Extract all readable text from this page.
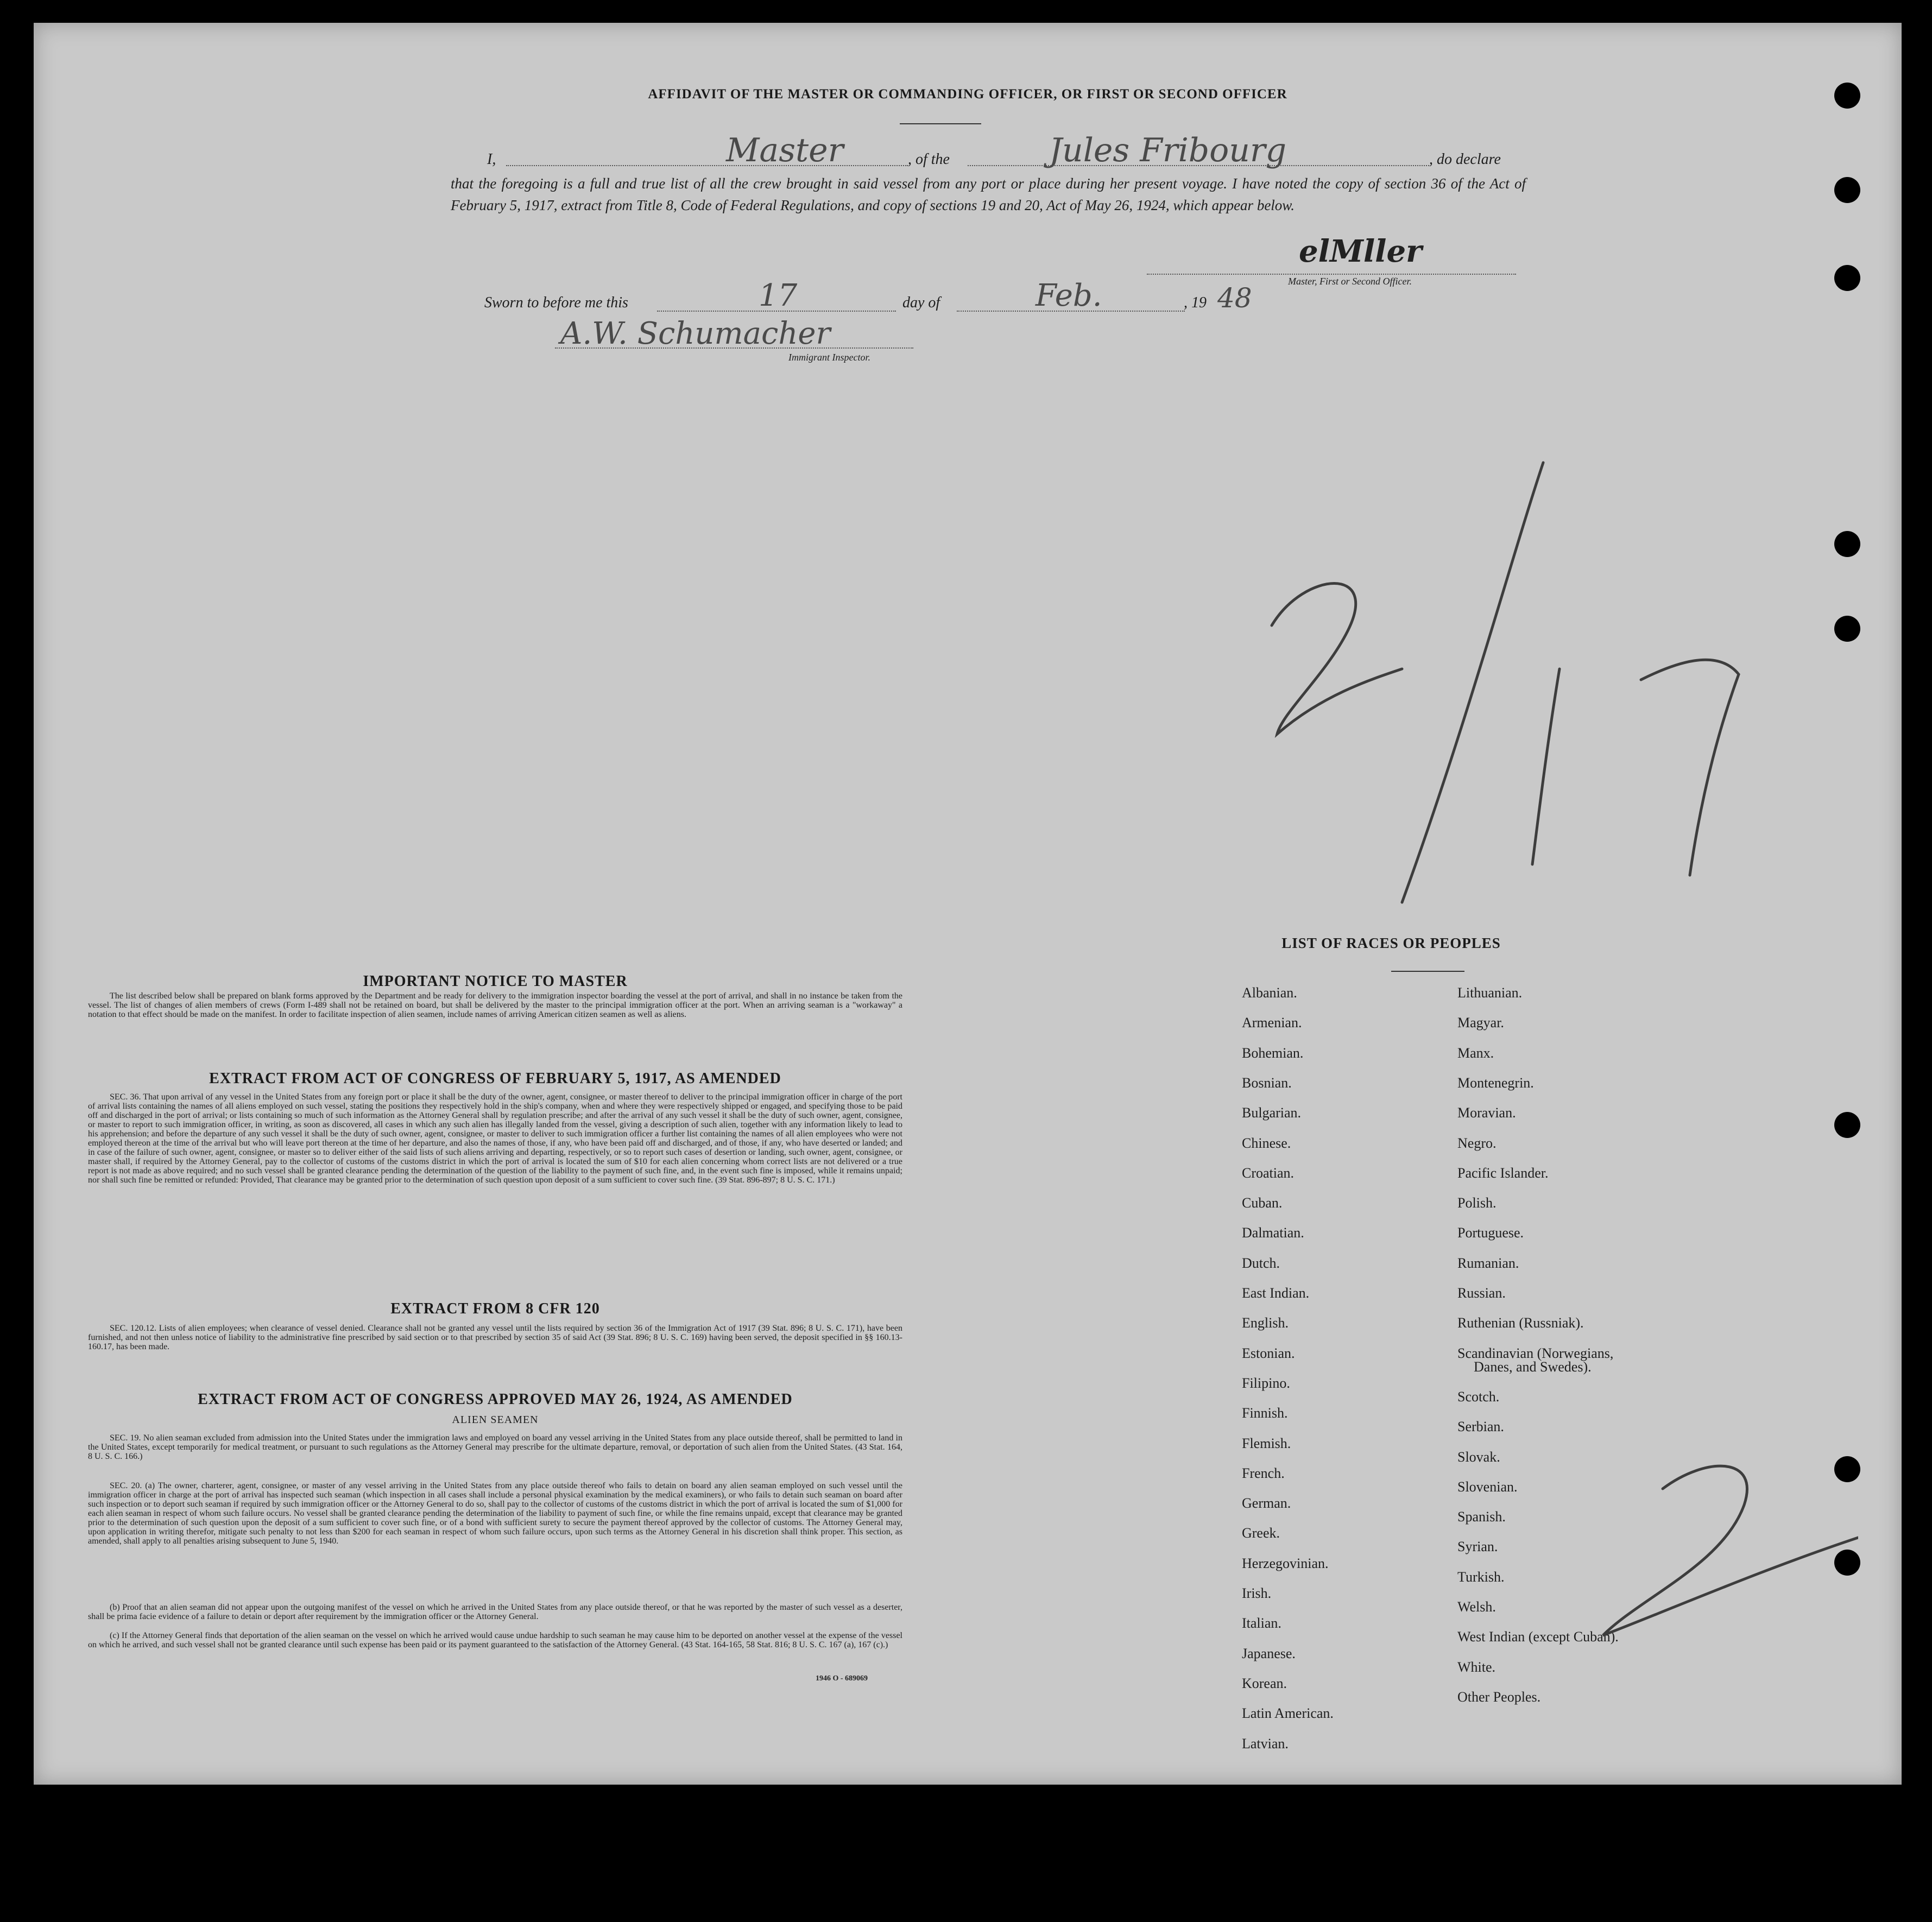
AFFIDAVIT OF THE MASTER OR COMMANDING OFFICER, OR FIRST OR SECOND OFFICER
I,	Master	, of the	Jules Fribourg	, do declare
that the foregoing is a full and true list of all the crew brought in said vessel from any port or place during her present voyage. I have noted the copy of section 36 of the Act of February 5, 1917, extract from Title 8, Code of Federal Regulations, and copy of sections 19 and 20, Act of May 26, 1924, which appear below.
elMller
Master, First or Second Officer.
Sworn to before me this	17	day of	Feb.	, 19 48
A.W. Schumacher
Immigrant Inspector.
IMPORTANT NOTICE TO MASTER
The list described below shall be prepared on blank forms approved by the Department and be ready for delivery to the immigration inspector boarding the vessel at the port of arrival, and shall in no instance be taken from the vessel. The list of changes of alien members of crews (Form I-489 shall not be retained on board, but shall be delivered by the master to the principal immigration officer at the port. When an arriving seaman is a "workaway" a notation to that effect should be made on the manifest. In order to facilitate inspection of alien seamen, include names of arriving American citizen seamen as well as aliens.
EXTRACT FROM ACT OF CONGRESS OF FEBRUARY 5, 1917, AS AMENDED
SEC. 36. That upon arrival of any vessel in the United States from any foreign port or place it shall be the duty of the owner, agent, consignee, or master thereof to deliver to the principal immigration officer in charge of the port of arrival lists containing the names of all aliens employed on such vessel, stating the positions they respectively hold in the ship's company, when and where they were respectively shipped or engaged, and specifying those to be paid off and discharged in the port of arrival; or lists containing so much of such information as the Attorney General shall by regulation prescribe; and after the arrival of any such vessel it shall be the duty of such owner, agent, consignee, or master to report to such immigration officer, in writing, as soon as discovered, all cases in which any such alien has illegally landed from the vessel, giving a description of such alien, together with any information likely to lead to his apprehension; and before the departure of any such vessel it shall be the duty of such owner, agent, consignee, or master to deliver to such immigration officer a further list containing the names of all alien employees who were not employed thereon at the time of the arrival but who will leave port thereon at the time of her departure, and also the names of those, if any, who have been paid off and discharged, and of those, if any, who have deserted or landed; and in case of the failure of such owner, agent, consignee, or master so to deliver either of the said lists of such aliens arriving and departing, respectively, or so to report such cases of desertion or landing, such owner, agent, consignee, or master shall, if required by the Attorney General, pay to the collector of customs of the customs district in which the port of arrival is located the sum of $10 for each alien concerning whom correct lists are not delivered or a true report is not made as above required; and no such vessel shall be granted clearance pending the determination of the question of the liability to the payment of such fine, and, in the event such fine is imposed, while it remains unpaid; nor shall such fine be remitted or refunded: Provided, That clearance may be granted prior to the determination of such question upon deposit of a sum sufficient to cover such fine. (39 Stat. 896-897; 8 U. S. C. 171.)
EXTRACT FROM 8 CFR 120
SEC. 120.12. Lists of alien employees; when clearance of vessel denied. Clearance shall not be granted any vessel until the lists required by section 36 of the Immigration Act of 1917 (39 Stat. 896; 8 U. S. C. 171), have been furnished, and not then unless notice of liability to the administrative fine prescribed by said section or to that prescribed by section 35 of said Act (39 Stat. 896; 8 U. S. C. 169) having been served, the deposit specified in §§ 160.13-160.17, has been made.
EXTRACT FROM ACT OF CONGRESS APPROVED MAY 26, 1924, AS AMENDED
ALIEN SEAMEN
SEC. 19. No alien seaman excluded from admission into the United States under the immigration laws and employed on board any vessel arriving in the United States from any place outside thereof, shall be permitted to land in the United States, except temporarily for medical treatment, or pursuant to such regulations as the Attorney General may prescribe for the ultimate departure, removal, or deportation of such alien from the United States. (43 Stat. 164, 8 U. S. C. 166.)
SEC. 20. (a) The owner, charterer, agent, consignee, or master of any vessel arriving in the United States from any place outside thereof who fails to detain on board any alien seaman employed on such vessel until the immigration officer in charge at the port of arrival has inspected such seaman (which inspection in all cases shall include a personal physical examination by the medical examiners), or who fails to detain such seaman on board after such inspection or to deport such seaman if required by such immigration officer or the Attorney General to do so, shall pay to the collector of customs of the customs district in which the port of arrival is located the sum of $1,000 for each alien seaman in respect of whom such failure occurs. No vessel shall be granted clearance pending the determination of the liability to payment of such fine, or while the fine remains unpaid, except that clearance may be granted prior to the determination of such question upon the deposit of a sum sufficient to cover such fine, or of a bond with sufficient surety to secure the payment thereof approved by the collector of customs. The Attorney General may, upon application in writing therefor, mitigate such penalty to not less than $200 for each seaman in respect of whom such failure occurs, upon such terms as the Attorney General in his discretion shall think proper. This section, as amended, shall apply to all penalties arising subsequent to June 5, 1940.
(b) Proof that an alien seaman did not appear upon the outgoing manifest of the vessel on which he arrived in the United States from any place outside thereof, or that he was reported by the master of such vessel as a deserter, shall be prima facie evidence of a failure to detain or deport after requirement by the immigration officer or the Attorney General.
(c) If the Attorney General finds that deportation of the alien seaman on the vessel on which he arrived would cause undue hardship to such seaman he may cause him to be deported on another vessel at the expense of the vessel on which he arrived, and such vessel shall not be granted clearance until such expense has been paid or its payment guaranteed to the satisfaction of the Attorney General. (43 Stat. 164-165, 58 Stat. 816; 8 U. S. C. 167 (a), 167 (c).)
1946 O - 689069
LIST OF RACES OR PEOPLES
Albanian.
Armenian.
Bohemian.
Bosnian.
Bulgarian.
Chinese.
Croatian.
Cuban.
Dalmatian.
Dutch.
East Indian.
English.
Estonian.
Filipino.
Finnish.
Flemish.
French.
German.
Greek.
Herzegovinian.
Irish.
Italian.
Japanese.
Korean.
Latin American.
Latvian.
Lithuanian.
Magyar.
Manx.
Montenegrin.
Moravian.
Negro.
Pacific Islander.
Polish.
Portuguese.
Rumanian.
Russian.
Ruthenian (Russniak).
Scandinavian (Norwegians,
Danes, and Swedes).
Scotch.
Serbian.
Slovak.
Slovenian.
Spanish.
Syrian.
Turkish.
Welsh.
West Indian (except Cuban).
White.
Other Peoples.
